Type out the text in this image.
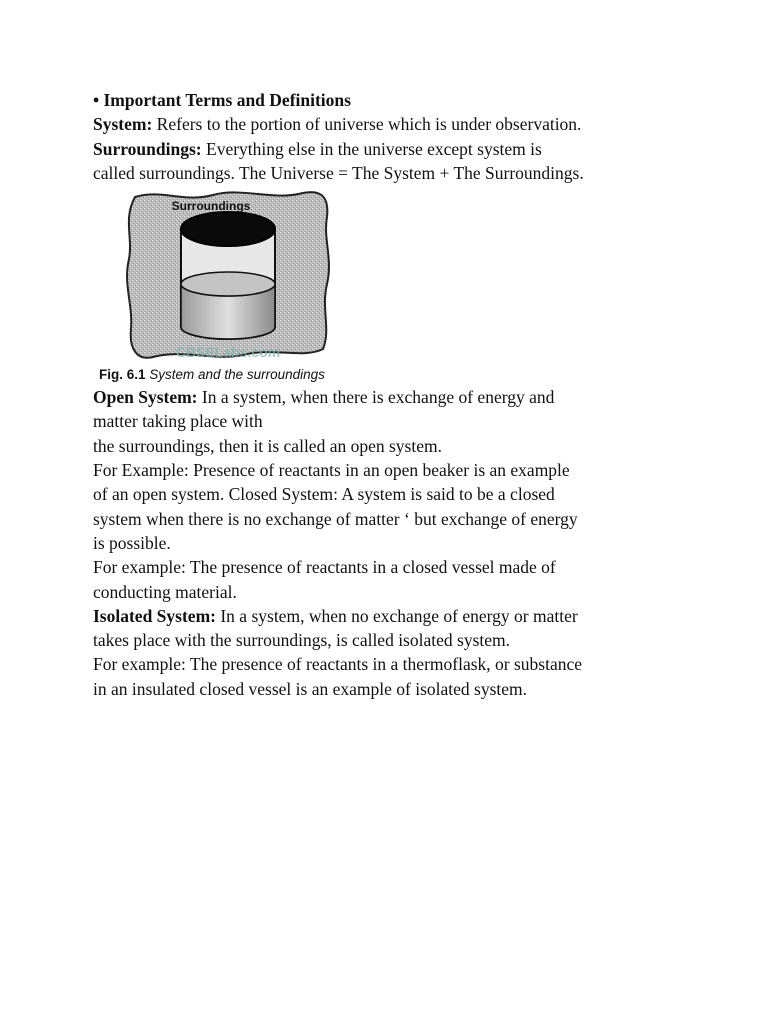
• Important Terms and Definitions
System: Refers to the portion of universe which is under observation.
Surroundings: Everything else in the universe except system is
called surroundings. The Universe = The System + The Surroundings.
Surroundings
CBSELabs.com
Fig. 6.1 System and the surroundings
Open System: In a system, when there is exchange of energy and
matter taking place with
the surroundings, then it is called an open system.
For Example: Presence of reactants in an open beaker is an example
of an open system. Closed System: A system is said to be a closed
system when there is no exchange of matter ‘ but exchange of energy
is possible.
For example: The presence of reactants in a closed vessel made of
conducting material.
Isolated System: In a system, when no exchange of energy or matter
takes place with the surroundings, is called isolated system.
For example: The presence of reactants in a thermoflask, or substance
in an insulated closed vessel is an example of isolated system.
